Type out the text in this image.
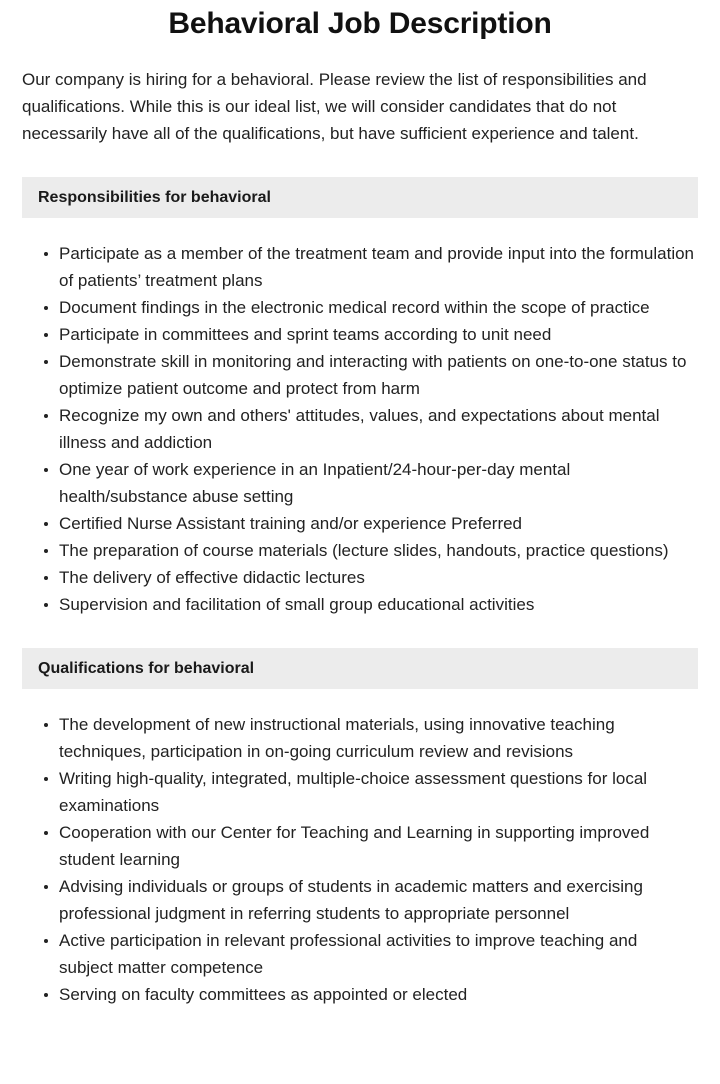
Behavioral Job Description

Our company is hiring for a behavioral. Please review the list of responsibilities and qualifications. While this is our ideal list, we will consider candidates that do not necessarily have all of the qualifications, but have sufficient experience and talent.

Responsibilities for behavioral
Participate as a member of the treatment team and provide input into the formulation of patients’ treatment plans
Document findings in the electronic medical record within the scope of practice
Participate in committees and sprint teams according to unit need
Demonstrate skill in monitoring and interacting with patients on one-to-one status to optimize patient outcome and protect from harm
Recognize my own and others' attitudes, values, and expectations about mental illness and addiction
One year of work experience in an Inpatient/24-hour-per-day mental health/substance abuse setting
Certified Nurse Assistant training and/or experience Preferred
The preparation of course materials (lecture slides, handouts, practice questions)
The delivery of effective didactic lectures
Supervision and facilitation of small group educational activities
Qualifications for behavioral
The development of new instructional materials, using innovative teaching techniques, participation in on-going curriculum review and revisions
Writing high-quality, integrated, multiple-choice assessment questions for local examinations
Cooperation with our Center for Teaching and Learning in supporting improved student learning
Advising individuals or groups of students in academic matters and exercising professional judgment in referring students to appropriate personnel
Active participation in relevant professional activities to improve teaching and subject matter competence
Serving on faculty committees as appointed or elected
